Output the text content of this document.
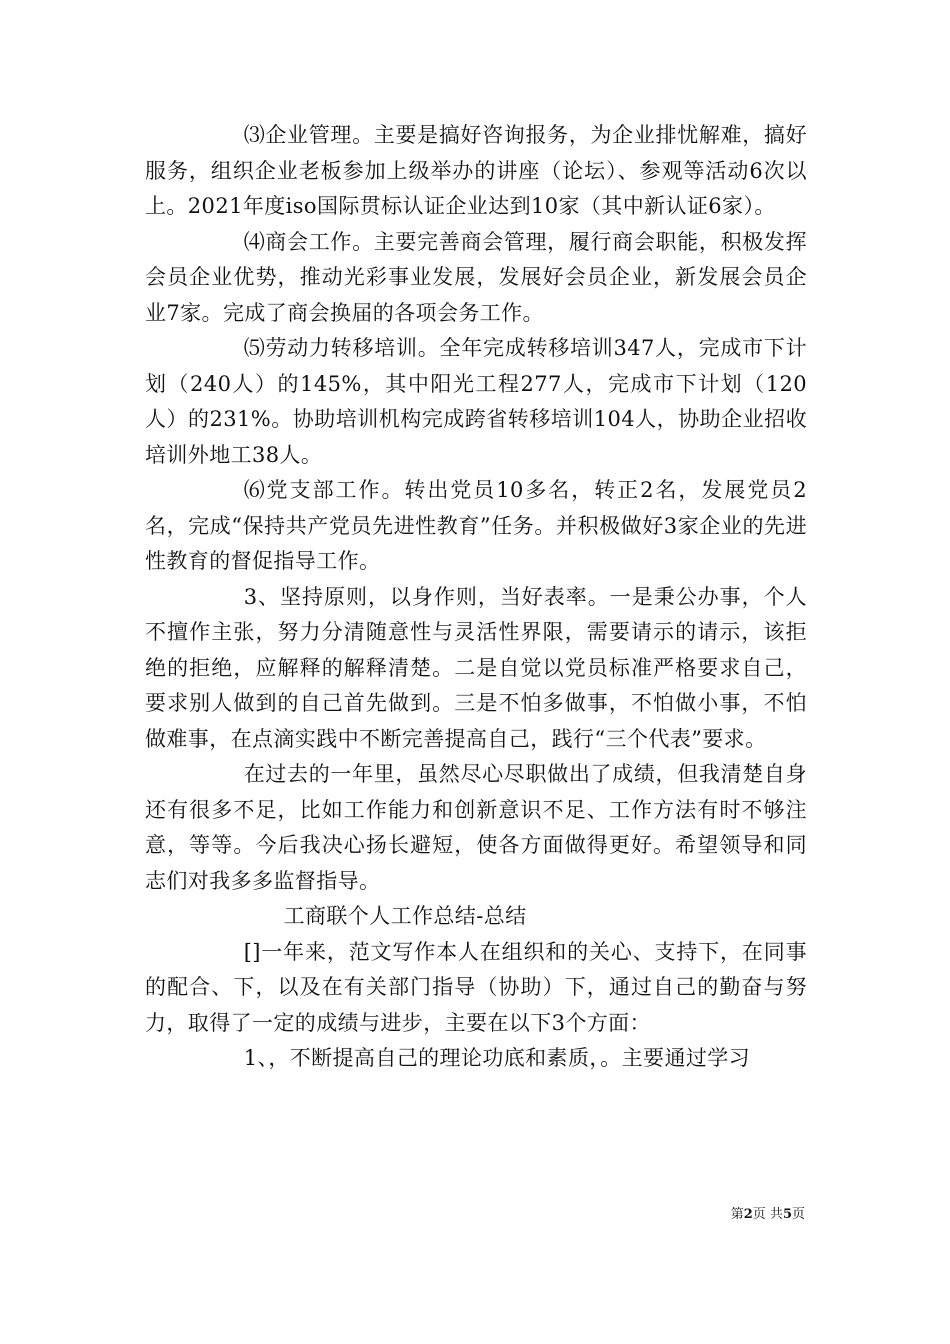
⑶企业管理。主要是搞好咨询报务，为企业排忧解难，搞好服务，组织企业老板参加上级举办的讲座（论坛）、参观等活动6次以上。2021年度iso国际贯标认证企业达到10家（其中新认证6家）。

⑷商会工作。主要完善商会管理，履行商会职能，积极发挥会员企业优势，推动光彩事业发展，发展好会员企业，新发展会员企业7家。完成了商会换届的各项会务工作。

⑸劳动力转移培训。全年完成转移培训347人，完成市下计划（240人）的145%，其中阳光工程277人，完成市下计划（120人）的231%。协助培训机构完成跨省转移培训104人，协助企业招收培训外地工38人。

⑹党支部工作。转出党员10多名，转正2名，发展党员2名，完成“保持共产党员先进性教育”任务。并积极做好3家企业的先进性教育的督促指导工作。

3、坚持原则，以身作则，当好表率。一是秉公办事，个人不擅作主张，努力分清随意性与灵活性界限，需要请示的请示，该拒绝的拒绝，应解释的解释清楚。二是自觉以党员标准严格要求自己，要求别人做到的自己首先做到。三是不怕多做事，不怕做小事，不怕做难事，在点滴实践中不断完善提高自己，践行“三个代表”要求。

在过去的一年里，虽然尽心尽职做出了成绩，但我清楚自身还有很多不足，比如工作能力和创新意识不足、工作方法有时不够注意，等等。今后我决心扬长避短，使各方面做得更好。希望领导和同志们对我多多监督指导。

工商联个人工作总结-总结

[]一年来，范文写作本人在组织和的关心、支持下，在同事的配合、下，以及在有关部门指导（协助）下，通过自己的勤奋与努力，取得了一定的成绩与进步，主要在以下3个方面：

1、，不断提高自己的理论功底和素质，。主要通过学习

第2页 共5页
